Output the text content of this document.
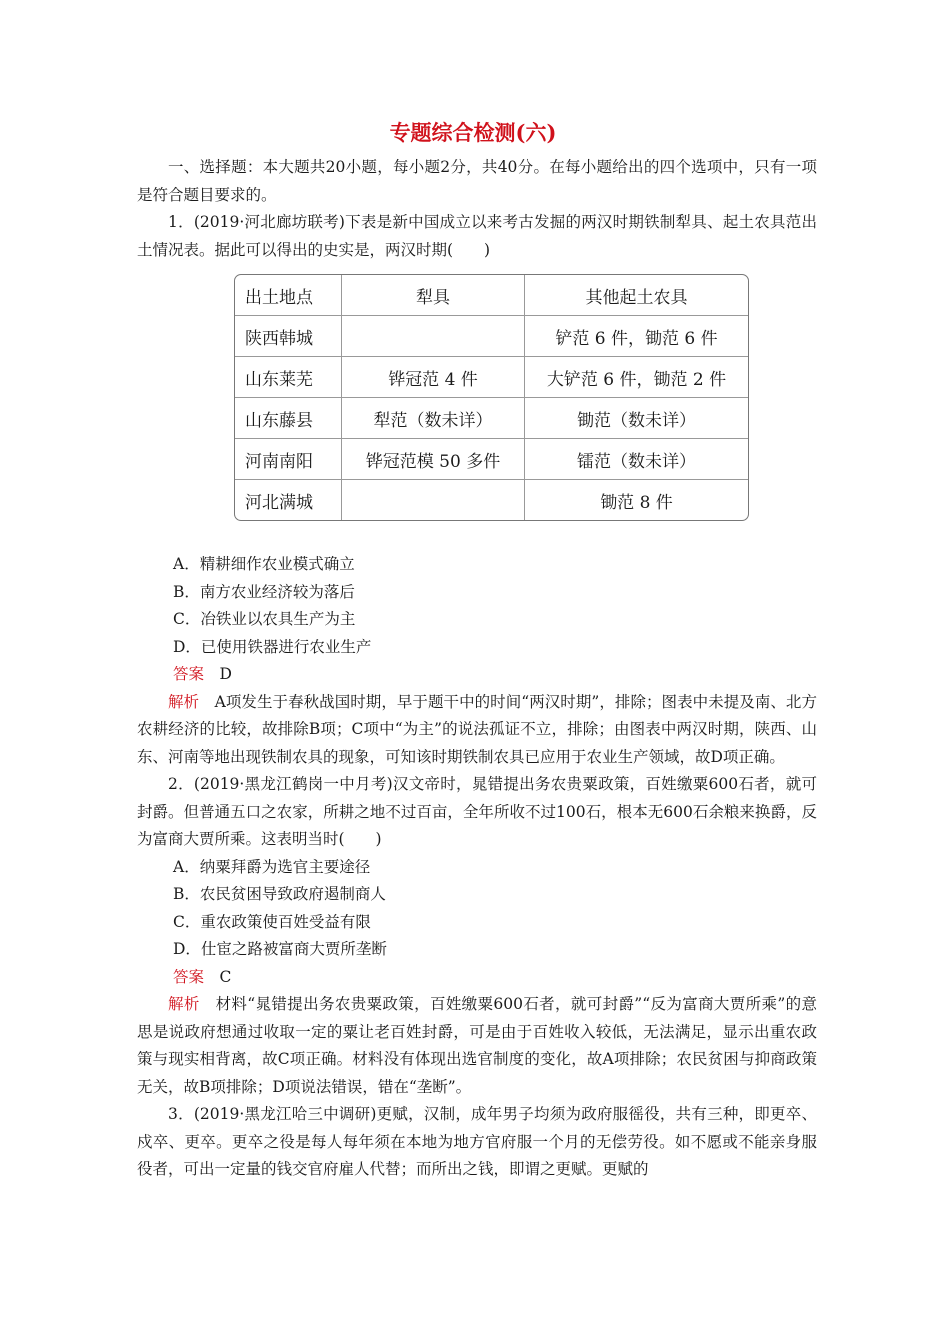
专题综合检测(六)

一、选择题：本大题共20小题，每小题2分，共40分。在每小题给出的四个选项中，只有一项是符合题目要求的。

1．(2019·河北廊坊联考)下表是新中国成立以来考古发掘的两汉时期铁制犁具、起土农具范出土情况表。据此可以得出的史实是，两汉时期(　　)

出土地点	犁具	其他起土农具
陕西韩城		铲范 6 件，锄范 6 件
山东莱芜	铧冠范 4 件	大铲范 6 件，锄范 2 件
山东藤县	犁范（数未详）	锄范（数未详）
河南南阳	铧冠范模 50 多件	镭范（数未详）
河北满城		锄范 8 件

A．精耕细作农业模式确立

B．南方农业经济较为落后

C．冶铁业以农具生产为主

D．已使用铁器进行农业生产

答案　 D

解析　 A项发生于春秋战国时期，早于题干中的时间“两汉时期”，排除；图表中未提及南、北方农耕经济的比较，故排除B项；C项中“为主”的说法孤证不立，排除；由图表中两汉时期，陕西、山东、河南等地出现铁制农具的现象，可知该时期铁制农具已应用于农业生产领域，故D项正确。

2．(2019·黑龙江鹤岗一中月考)汉文帝时，晁错提出务农贵粟政策，百姓缴粟600石者，就可封爵。但普通五口之农家，所耕之地不过百亩，全年所收不过100石，根本无600石余粮来换爵，反为富商大贾所乘。这表明当时(　　)

A．纳粟拜爵为选官主要途径

B．农民贫困导致政府遏制商人

C．重农政策使百姓受益有限

D．仕宦之路被富商大贾所垄断

答案　 C

解析　 材料“晁错提出务农贵粟政策，百姓缴粟600石者，就可封爵”“反为富商大贾所乘”的意思是说政府想通过收取一定的粟让老百姓封爵，可是由于百姓收入较低，无法满足，显示出重农政策与现实相背离，故C项正确。材料没有体现出选官制度的变化，故A项排除；农民贫困与抑商政策无关，故B项排除；D项说法错误，错在“垄断”。

3．(2019·黑龙江哈三中调研)更赋，汉制，成年男子均须为政府服徭役，共有三种，即更卒、戍卒、更卒。更卒之役是每人每年须在本地为地方官府服一个月的无偿劳役。如不愿或不能亲身服役者，可出一定量的钱交官府雇人代替；而所出之钱，即谓之更赋。更赋的
